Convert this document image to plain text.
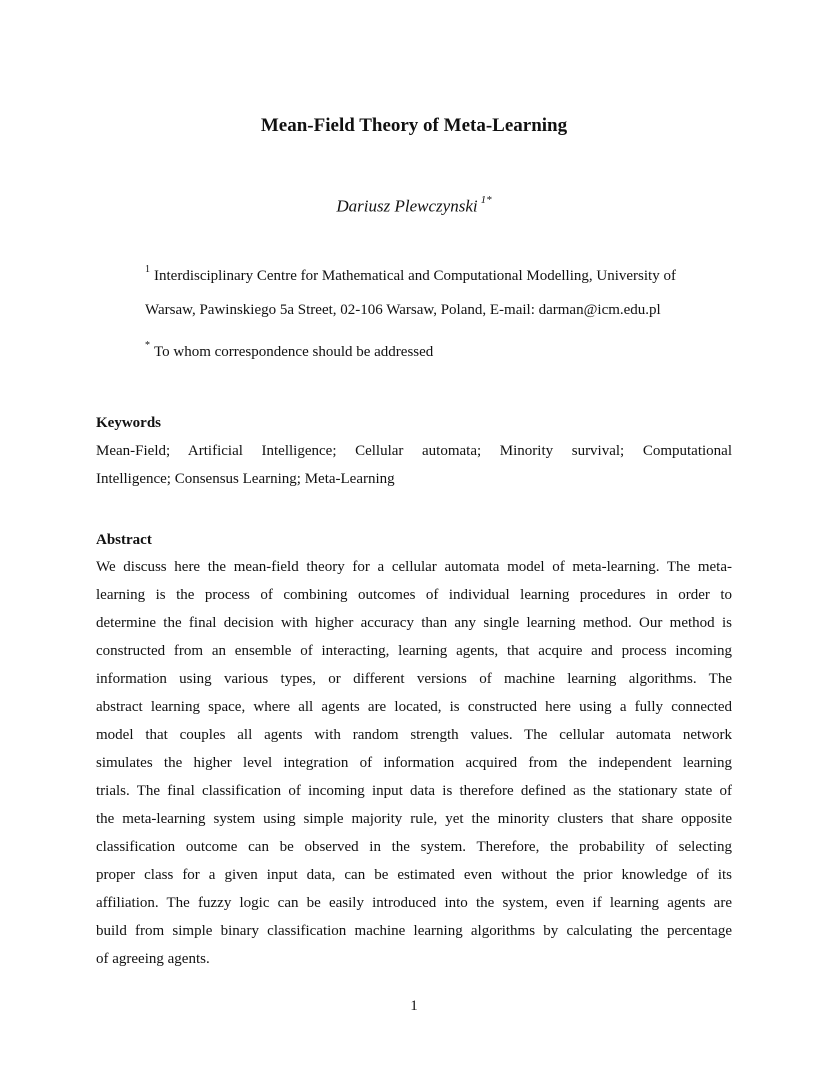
Mean-Field Theory of Meta-Learning
Dariusz Plewczynski $^{1*}$
$^1$ Interdisciplinary Centre for Mathematical and Computational Modelling, University of
Warsaw, Pawinskiego 5a Street, 02-106 Warsaw, Poland, E-mail: darman@icm.edu.pl
* To whom correspondence should be addressed
Keywords
Mean-Field; Artificial Intelligence; Cellular automata; Minority survival; Computational
Intelligence; Consensus Learning; Meta-Learning
Abstract
We discuss here the mean-field theory for a cellular automata model of meta-learning. The meta-
learning is the process of combining outcomes of individual learning procedures in order to
determine the final decision with higher accuracy than any single learning method. Our method is
constructed from an ensemble of interacting, learning agents, that acquire and process incoming
information using various types, or different versions of machine learning algorithms. The
abstract learning space, where all agents are located, is constructed here using a fully connected
model that couples all agents with random strength values. The cellular automata network
simulates the higher level integration of information acquired from the independent learning
trials. The final classification of incoming input data is therefore defined as the stationary state of
the meta-learning system using simple majority rule, yet the minority clusters that share opposite
classification outcome can be observed in the system. Therefore, the probability of selecting
proper class for a given input data, can be estimated even without the prior knowledge of its
affiliation. The fuzzy logic can be easily introduced into the system, even if learning agents are
build from simple binary classification machine learning algorithms by calculating the percentage
of agreeing agents.
1
